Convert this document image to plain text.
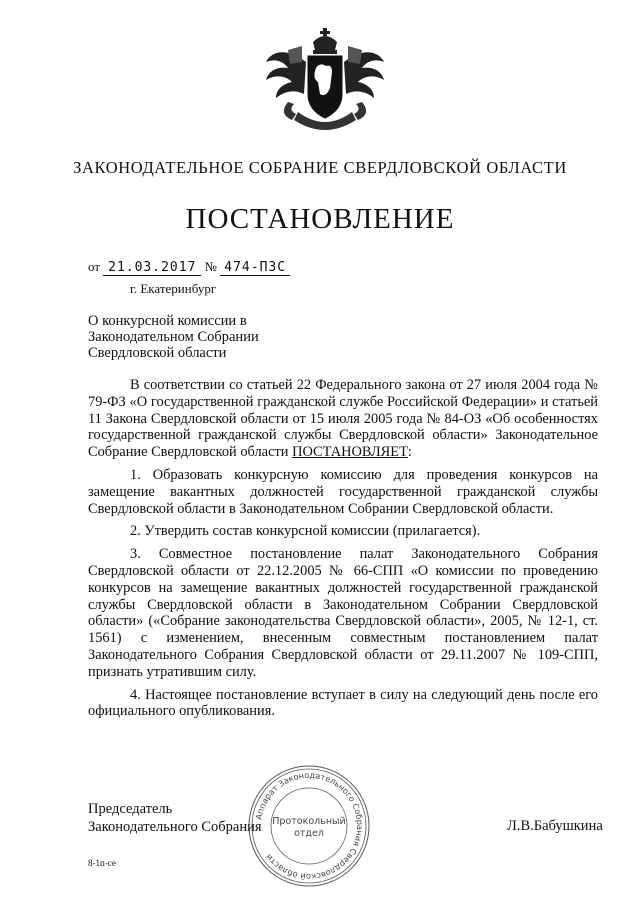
ЗАКОНОДАТЕЛЬНОЕ СОБРАНИЕ СВЕРДЛОВСКОЙ ОБЛАСТИ
ПОСТАНОВЛЕНИЕ
от 21.03.2017 № 474-ПЗС
г. Екатеринбург
О конкурсной комиссии в
Законодательном Собрании
Свердловской области

В соответствии со статьей 22 Федерального закона от 27 июля 2004 года № 79-ФЗ «О государственной гражданской службе Российской Федерации» и статьей 11 Закона Свердловской области от 15 июля 2005 года № 84-ОЗ «Об особенностях государственной гражданской службы Свердловской области» Законодательное Собрание Свердловской области ПОСТАНОВЛЯЕТ:

1. Образовать конкурсную комиссию для проведения конкурсов на замещение вакантных должностей государственной гражданской службы Свердловской области в Законодательном Собрании Свердловской области.

2. Утвердить состав конкурсной комиссии (прилагается).

3. Совместное постановление палат Законодательного Собрания Свердловской области от 22.12.2005 № 66-СПП «О комиссии по проведению конкурсов на замещение вакантных должностей государственной гражданской службы Свердловской области в Законодательном Собрании Свердловской области» («Собрание законодательства Свердловской области», 2005, № 12-1, ст. 1561) с изменением, внесенным совместным постановлением палат Законодательного Собрания Свердловской области от 29.11.2007 № 109-СПП, признать утратившим силу.

4. Настоящее постановление вступает в силу на следующий день после его официального опубликования.

Аппарат Законодательного Собрания Свердловской области
Протокольный
отдел
Председатель
Законодательного Собрания	Л.В.Бабушкина
8-1п-се
